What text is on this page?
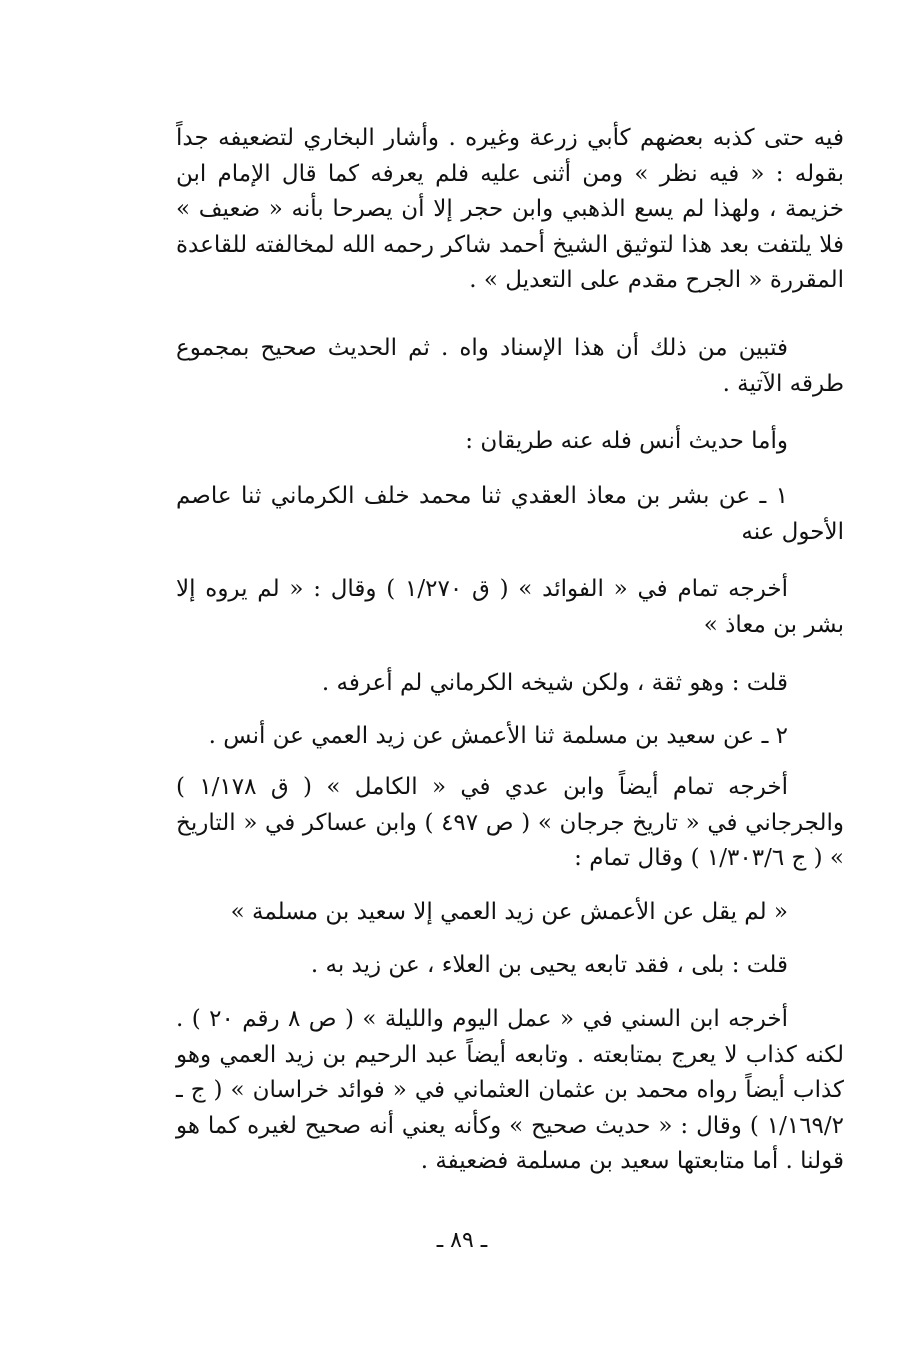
فيه حتى كذبه بعضهم كأبي زرعة وغيره . وأشار البخاري لتضعيفه جداً بقوله : « فيه نظر » ومن أثنى عليه فلم يعرفه كما قال الإمام ابن خزيمة ، ولهذا لم يسع الذهبي وابن حجر إلا أن يصرحا بأنه « ضعيف » فلا يلتفت بعد هذا لتوثيق الشيخ أحمد شاكر رحمه الله لمخالفته للقاعدة المقررة « الجرح مقدم على التعديل » .

فتبين من ذلك أن هذا الإسناد واه . ثم الحديث صحيح بمجموع طرقه الآتية .

وأما حديث أنس فله عنه طريقان :

١ ـ عن بشر بن معاذ العقدي ثنا محمد خلف الكرماني ثنا عاصم الأحول عنه

أخرجه تمام في « الفوائد » ( ق ١/٢٧٠ ) وقال : « لم يروه إلا بشر بن معاذ »

قلت : وهو ثقة ، ولكن شيخه الكرماني لم أعرفه .

٢ ـ عن سعيد بن مسلمة ثنا الأعمش عن زيد العمي عن أنس .

أخرجه تمام أيضاً وابن عدي في « الكامل » ( ق ١/١٧٨ ) والجرجاني في « تاريخ جرجان » ( ص ٤٩٧ ) وابن عساكر في « التاريخ » ( ج ١/٣٠٣/٦ ) وقال تمام :

« لم يقل عن الأعمش عن زيد العمي إلا سعيد بن مسلمة »

قلت : بلى ، فقد تابعه يحيى بن العلاء ، عن زيد به .

أخرجه ابن السني في « عمل اليوم والليلة » ( ص ٨ رقم ٢٠ ) . لكنه كذاب لا يعرج بمتابعته . وتابعه أيضاً عبد الرحيم بن زيد العمي وهو كذاب أيضاً رواه محمد بن عثمان العثماني في « فوائد خراسان » ( ج ـ ١/١٦٩/٢ ) وقال : « حديث صحيح » وكأنه يعني أنه صحيح لغيره كما هو قولنا . أما متابعتها سعيد بن مسلمة فضعيفة .

ـ ٨٩ ـ
